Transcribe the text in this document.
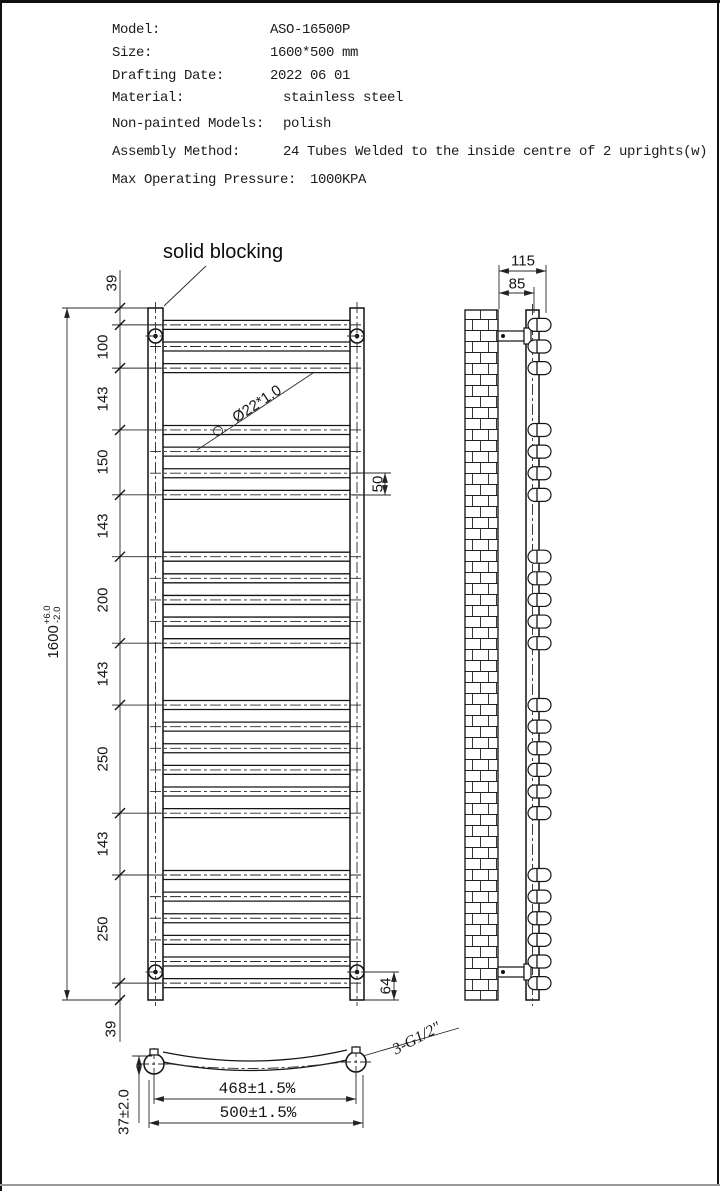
Model:	ASO-16500P
Size:	1600*500 mm
Drafting Date:	2022 06 01
Material:	stainless steel
Non-painted Models: polish
Assembly Method:	24 Tubes Welded to the inside centre of 2 uprights(w)
Max Operating Pressure: 1000KPA
solid blocking
Ø22*1.0
39
100
143
150
143
200
143
250
143
250
39
1600
+6.0 -2.0
50
64
115
85
468±1.5%
500±1.5%
37±2.0
3-G1/2"
